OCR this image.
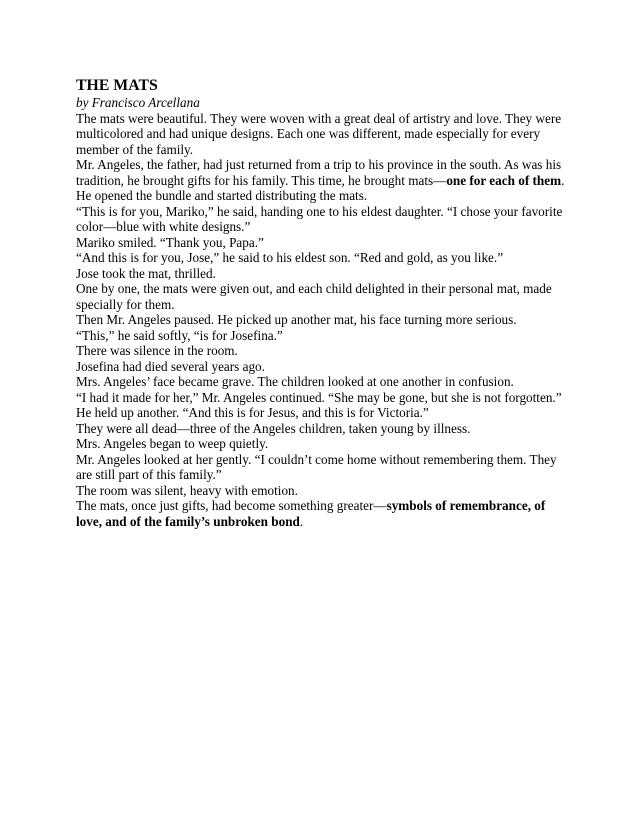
THE MATS
by Francisco Arcellana

The mats were beautiful. They were woven with a great deal of artistry and love. They were multicolored and had unique designs. Each one was different, made especially for every member of the family.

Mr. Angeles, the father, had just returned from a trip to his province in the south. As was his tradition, he brought gifts for his family. This time, he brought mats—one for each of them.

He opened the bundle and started distributing the mats.

“This is for you, Mariko,” he said, handing one to his eldest daughter. “I chose your favorite color—blue with white designs.”

Mariko smiled. “Thank you, Papa.”

“And this is for you, Jose,” he said to his eldest son. “Red and gold, as you like.”

Jose took the mat, thrilled.

One by one, the mats were given out, and each child delighted in their personal mat, made specially for them.

Then Mr. Angeles paused. He picked up another mat, his face turning more serious.

“This,” he said softly, “is for Josefina.”

There was silence in the room.

Josefina had died several years ago.

Mrs. Angeles’ face became grave. The children looked at one another in confusion.

“I had it made for her,” Mr. Angeles continued. “She may be gone, but she is not forgotten.”

He held up another. “And this is for Jesus, and this is for Victoria.”

They were all dead—three of the Angeles children, taken young by illness.

Mrs. Angeles began to weep quietly.

Mr. Angeles looked at her gently. “I couldn’t come home without remembering them. They are still part of this family.”

The room was silent, heavy with emotion.

The mats, once just gifts, had become something greater—symbols of remembrance, of love, and of the family’s unbroken bond.
